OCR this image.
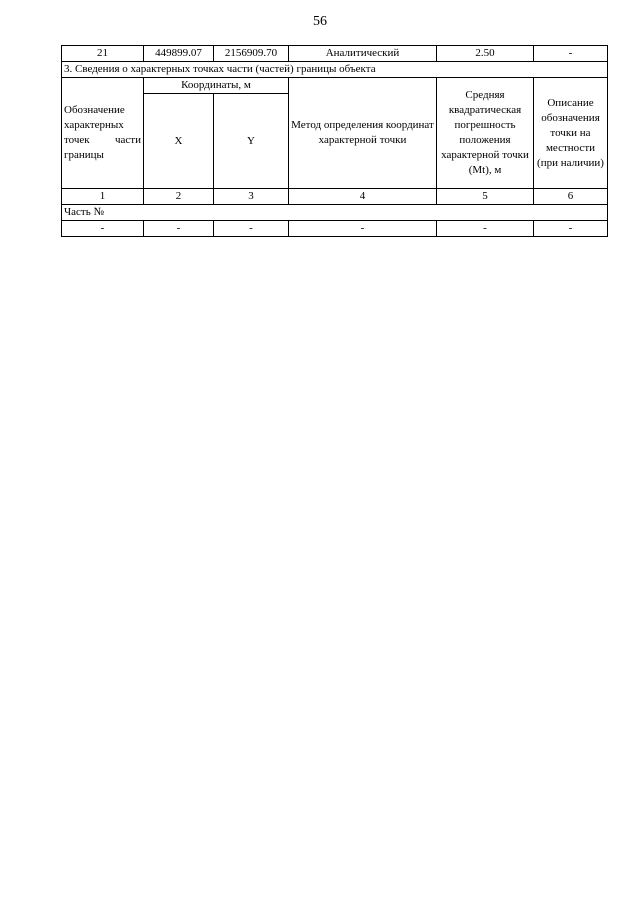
56
21	449899.07	2156909.70	Аналитический	2.50	-
3. Сведения о характерных точках части (частей) границы объекта					
Обозначение характерных точек части границы	Координаты, м		Метод определения координат характерной точки	Средняя квадратическая погрешность положения характерной точки (Mt), м	Описание обозначения точки на местности (при наличии)
	X	Y			
1	2	3	4	5	6
Часть №					
-	-	-	-	-	-
